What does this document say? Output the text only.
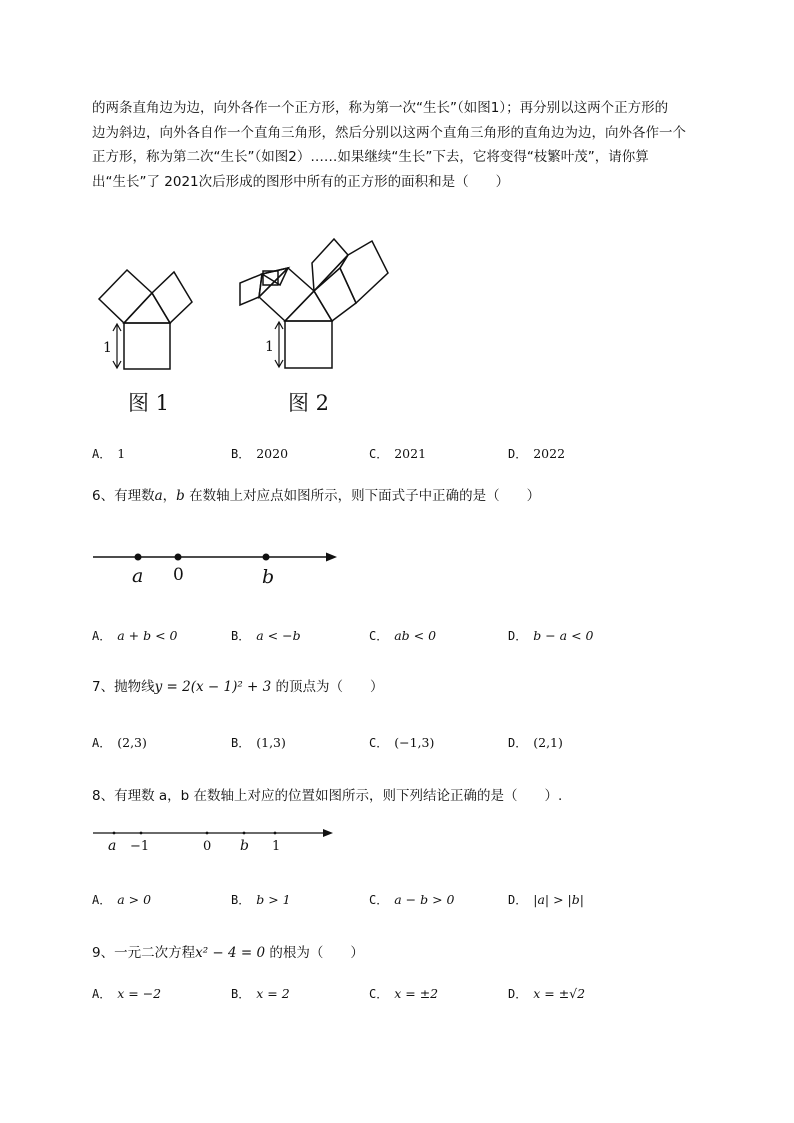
的两条直角边为边，向外各作一个正方形，称为第一次“生长”（如图1）；再分别以这两个正方形的
边为斜边，向外各自作一个直角三角形，然后分别以这两个直角三角形的直角边为边，向外各作一个
正方形，称为第二次“生长”（如图2）……如果继续“生长”下去，它将变得“枝繁叶茂”，请你算
出“生长”了 2021次后形成的图形中所有的正方形的面积和是（　　）
1
图 1
1
图 2
A． 1	B． 2020	C． 2021	D． 2022
6、有理数a，b 在数轴上对应点如图所示，则下面式子中正确的是（　　）
a 0	b
A． a + b < 0	B． a < −b	C． ab < 0	D． b − a < 0
7、抛物线y = 2(x − 1)² + 3 的顶点为（　　）
A． (2,3)	B． (1,3)	C． (−1,3)	D． (2,1)
8、有理数 a，b 在数轴上对应的位置如图所示，则下列结论正确的是（　　）.
a −1	0 b 1
A． a > 0	B． b > 1	C． a − b > 0	D． |a| > |b|
9、一元二次方程x² − 4 = 0 的根为（　　）
A． x = −2	B． x = 2	C． x = ±2	D． x = ±√2
